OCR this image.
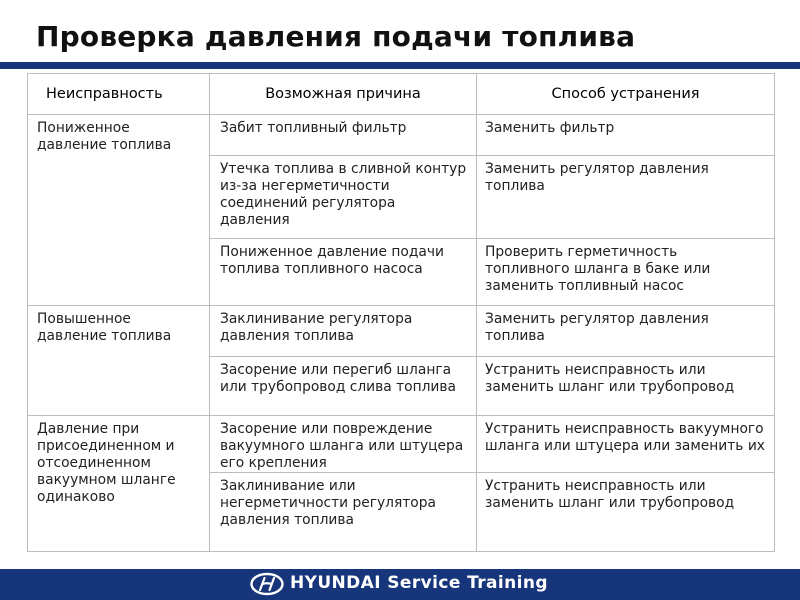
Проверка давления подачи топлива
Неисправность	Возможная причина	Способ устранения

Пониженное давление топлива	Забит топливный фильтр	Заменить фильтр

	Утечка топлива в сливной контур из-за негерметичности соединений регулятора давления	Заменить регулятор давления топлива

	Пониженное давление подачи топлива топливного насоса	Проверить герметичность топливного шланга в баке или заменить топливный насос

Повышенное давление топлива	Заклинивание регулятора давления топлива	Заменить регулятор давления топлива

	Засорение или перегиб шланга или трубопровод слива топлива	Устранить неисправность или заменить шланг или трубопровод

Давление при присоединенном и отсоединенном вакуумном шланге одинаково	Засорение или повреждение вакуумного шланга или штуцера его крепления	Устранить неисправность вакуумного шланга или штуцера или заменить их

	Заклинивание или негерметичности регулятора давления топлива	Устранить неисправность или заменить шланг или трубопровод
HYUNDAI Service Training
